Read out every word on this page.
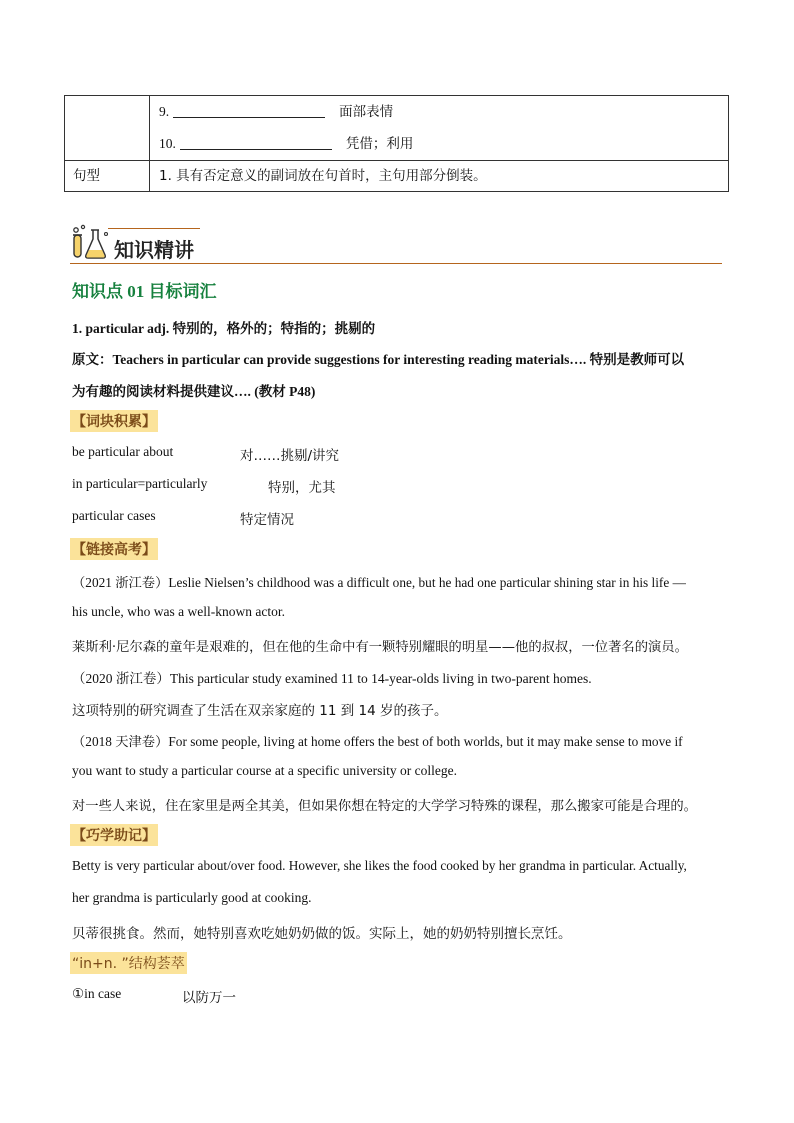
	9. 面部表情
10. 凭借；利用

句型	1. 具有否定意义的副词放在句首时，主句用部分倒装。
知识精讲
知识点 01 目标词汇
1. particular adj. 特别的，格外的；特指的；挑剔的
原文：Teachers in particular can provide suggestions for interesting reading materials…. 特别是教师可以
为有趣的阅读材料提供建议…. (教材 P48)
【词块积累】
be particular about	对……挑剔/讲究
in particular=particularly	特别，尤其
particular cases	特定情况
【链接高考】
（2021 浙江卷）Leslie Nielsen’s childhood was a difficult one, but he had one particular shining star in his life —
his uncle, who was a well-known actor.
莱斯利·尼尔森的童年是艰难的，但在他的生命中有一颗特别耀眼的明星——他的叔叔，一位著名的演员。
（2020 浙江卷）This particular study examined 11 to 14-year-olds living in two-parent homes.
这项特别的研究调查了生活在双亲家庭的 11 到 14 岁的孩子。
（2018 天津卷）For some people, living at home offers the best of both worlds, but it may make sense to move if
you want to study a particular course at a specific university or college.
对一些人来说，住在家里是两全其美，但如果你想在特定的大学学习特殊的课程，那么搬家可能是合理的。
【巧学助记】
Betty is very particular about/over food. However, she likes the food cooked by her grandma in particular. Actually,
her grandma is particularly good at cooking.
贝蒂很挑食。然而，她特别喜欢吃她奶奶做的饭。实际上，她的奶奶特别擅长烹饪。
“in+n. ”结构荟萃
①in case	以防万一
